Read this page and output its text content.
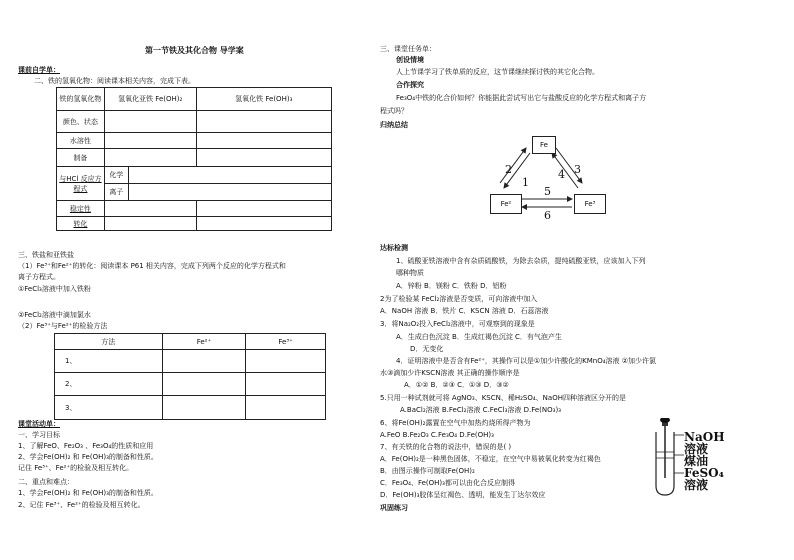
第一节铁及其化合物 导学案
课前自学单：
二、铁的氢氧化物：阅读课本相关内容，完成下表。
铁的氢氧化物	氢氧化亚铁 Fe(OH)₂		氢氧化铁 Fe(OH)₃
颜色、状态			
水溶性			
制备			
与HCl 反应方程式	化学		
	离子		
稳定性			
转化			
三、铁盐和亚铁盐
（1）Fe³⁺和Fe²⁺的转化：阅读课本 P61 相关内容，完成下列两个反应的化学方程式和
离子方程式。
①FeCl₃溶液中加入铁粉
②FeCl₂溶液中滴加氯水
（2）Fe³⁺与Fe²⁺的检验方法
方法	Fe²⁺	Fe³⁺
1、		
2、		
3、		
课堂活动单：
一、学习目标
1、了解FeO、Fe₂O₃ 、Fe₃O₄的性质和应用
2、学会Fe(OH)₂ 和 Fe(OH)₃的制备和性质。
记住 Fe³⁺、Fe²⁺的检验及相互转化。
二、重点和难点：
1、学会Fe(OH)₂ 和 Fe(OH)₃的制备和性质。
2、记住 Fe³⁺、Fe²⁺的检验及相互转化。
三、课堂任务单：
创设情境
人上节课学习了铁单质的反应，这节课继续探讨铁的其它化合物。
合作探究
Fe₃O₄中铁的化合价如何？你能据此尝试写出它与盐酸反应的化学方程式和离子方
程式吗？
归纳总结
Fe
Fe²	Fe³
1
2	3
4
5
6
达标检测
1、硫酸亚铁溶液中含有杂质硫酸铁，为除去杂质，提纯硫酸亚铁，应该加入下列
哪种物质
A．锌粉 B．镁粉 C．铁粉 D．铝粉
2为了检验某 FeCl₂溶液是否变质，可向溶液中加入
A．NaOH 溶液 B．铁片 C．KSCN 溶液 D．石蕊溶液
3．将Na₂O₂投入FeCl₂溶液中，可观察到的现象是
A．生成白色沉淀 B．生成红褐色沉淀 C．有气泡产生
D．无变化
4．证明溶液中是否含有Fe²⁺，其操作可以是①加少许酸化的KMnO₄溶液 ②加少许氯
水③滴加少许KSCN溶液 其正确的操作顺序是
A．①② B．②③ C．①③ D．③②
5.只用一种试剂就可将 AgNO₃、KSCN、稀H₂SO₄、NaOH四种溶液区分开的是
A.BaCl₂溶液 B.FeCl₂溶液 C.FeCl₃溶液 D.Fe(NO₃)₃
6、将Fe(OH)₂露置在空气中加热灼烧所得产物为
A.FeO B.Fe₂O₃ C.Fe₃O₄ D.Fe(OH)₃
7、有关铁的化合物的说法中，错误的是( )
A．Fe(OH)₂是一种黑色固体，不稳定，在空气中易被氧化转变为红褐色
B．由图示操作可制取Fe(OH)₂
C．Fe₃O₄、Fe(OH)₃都可以由化合反应制得
D．Fe(OH)₃胶体呈红褐色、透明，能发生丁达尔效应
巩固练习
NaOH
溶液
煤油
FeSO₄
溶液
